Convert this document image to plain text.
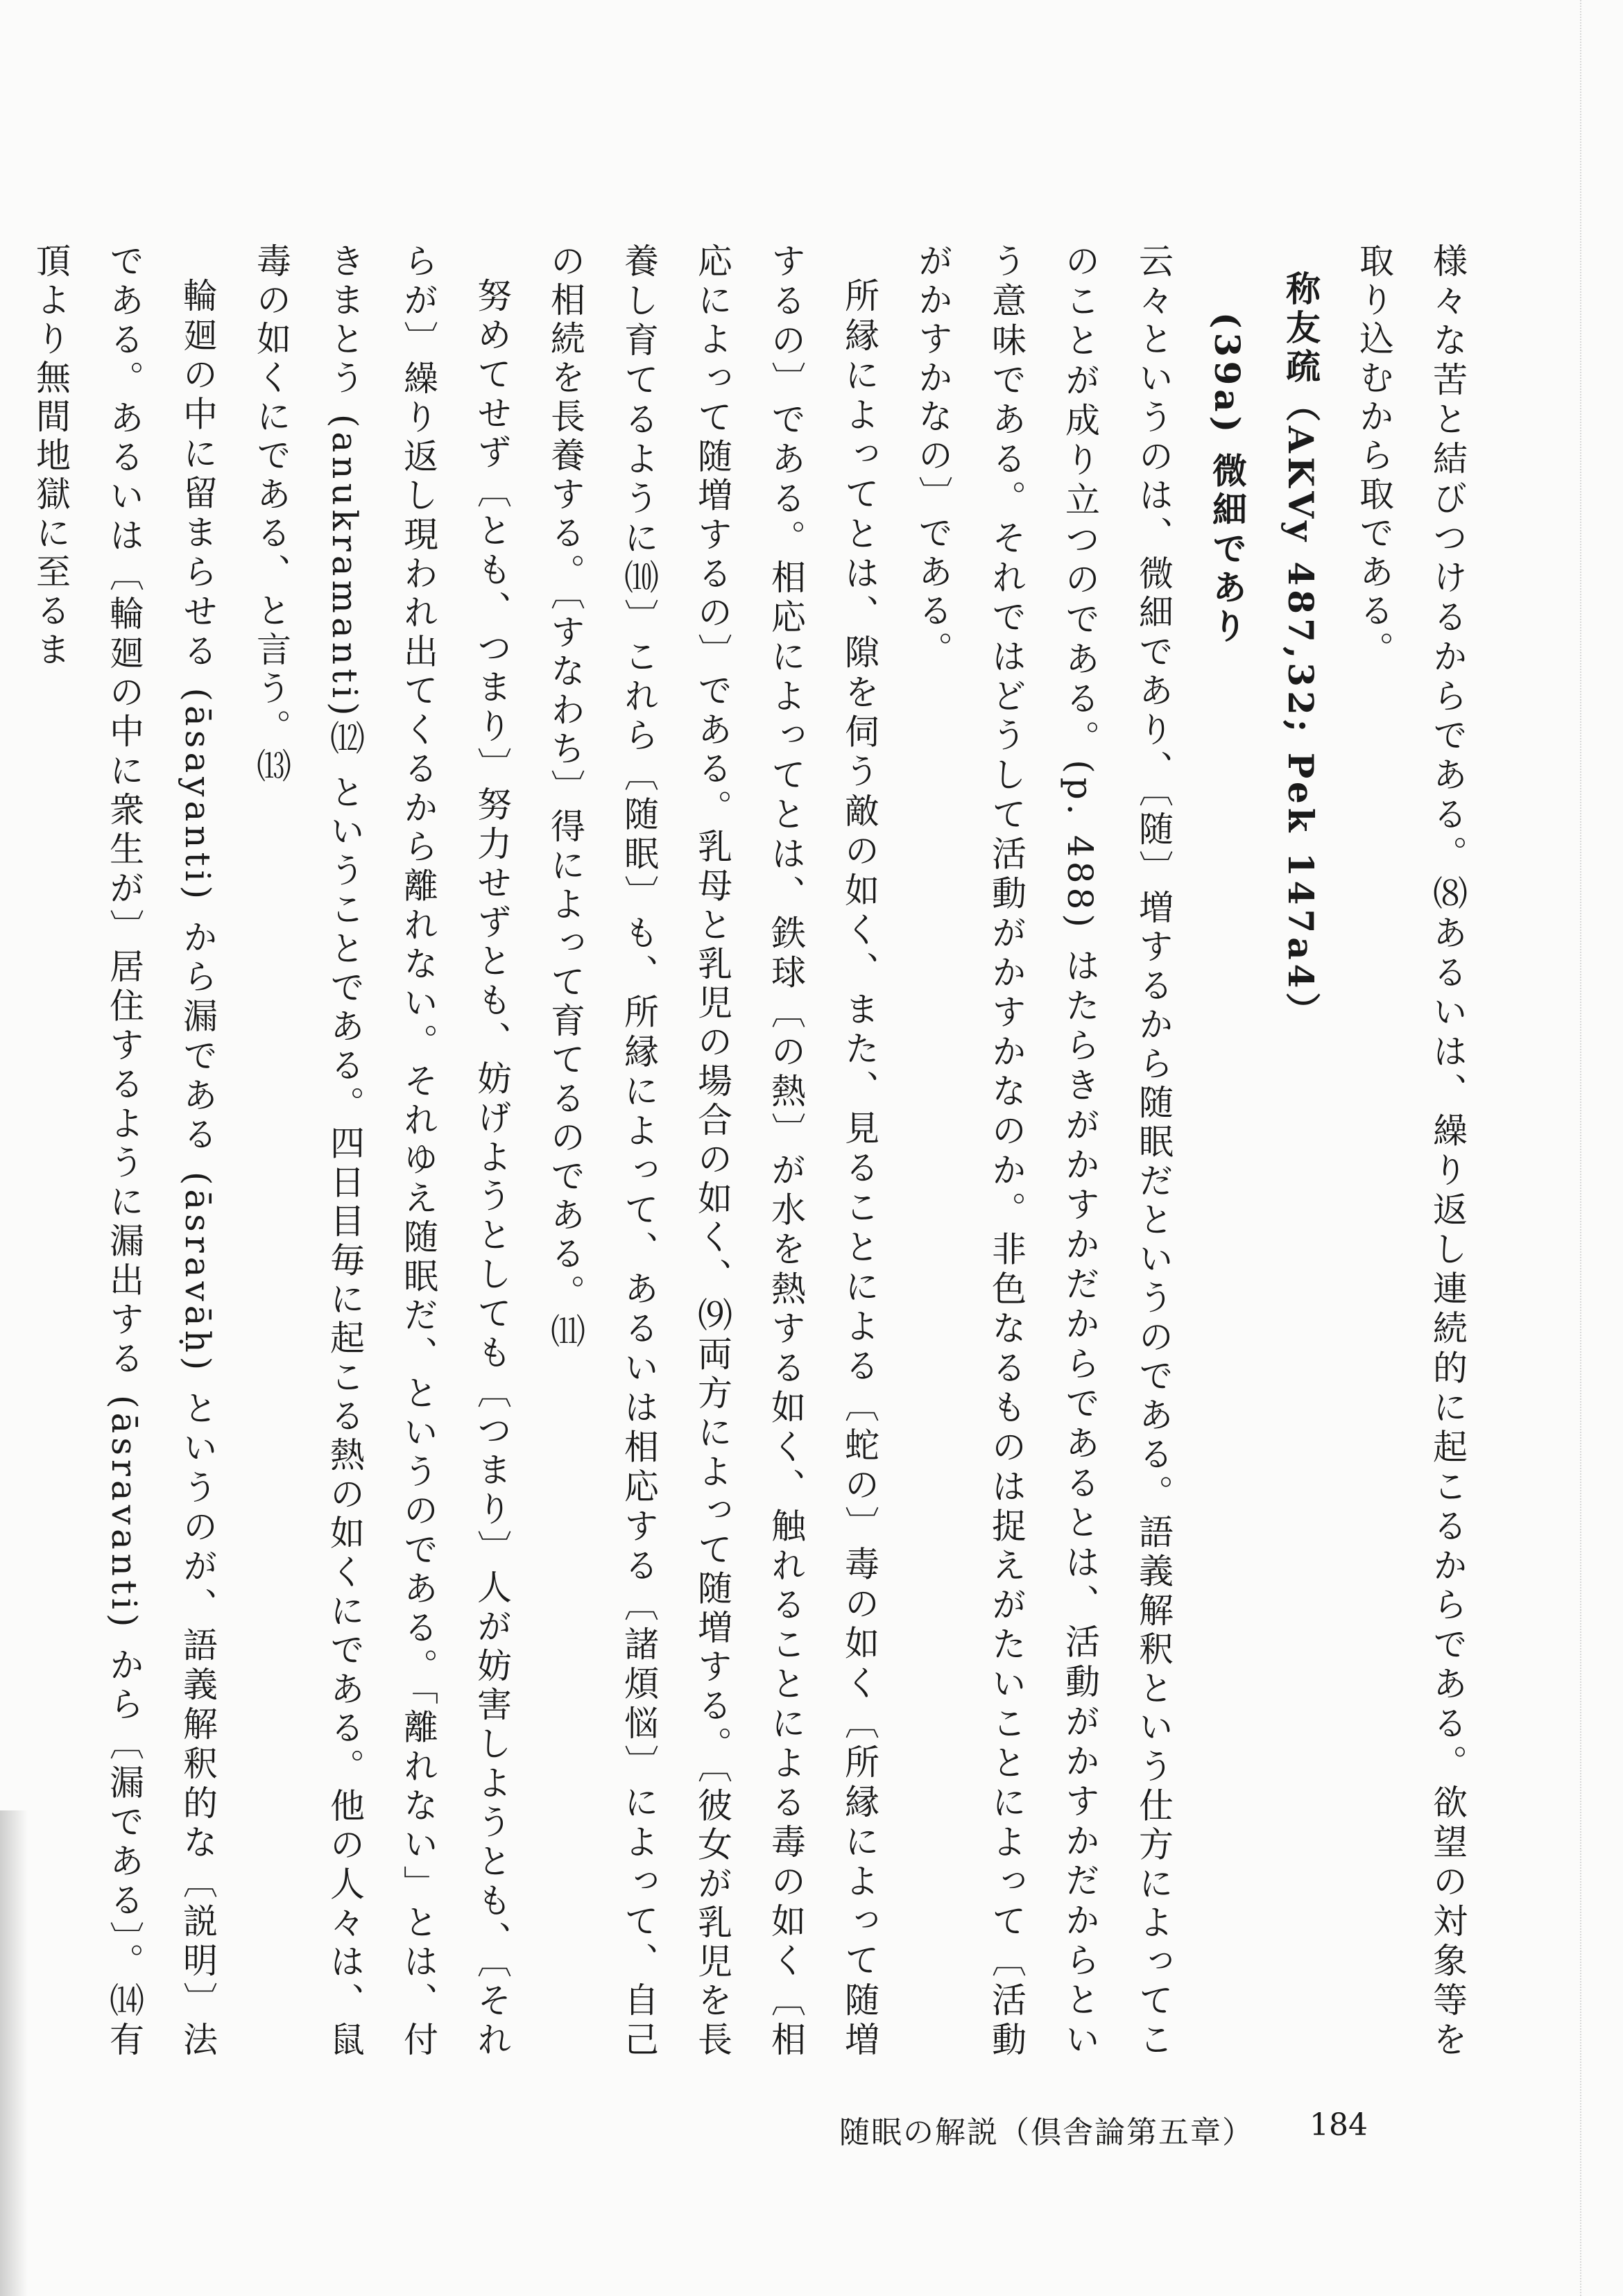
様々な苦と結びつけるからである。⑻あるいは、繰り返し連続的に起こるからである。欲望の対象等を取り込むから取である。

称友疏（AKVy 487,32; Pek 147a4）

(39a) 微細であり

云々というのは、微細であり、〔随〕増するから随眠だというのである。語義解釈という仕方によってこのことが成り立つのである。(p. 488) はたらきがかすかだからであるとは、活動がかすかだからという意味である。それではどうして活動がかすかなのか。非色なるものは捉えがたいことによって〔活動がかすかなの〕である。

所縁によってとは、隙を伺う敵の如く、また、見ることによる〔蛇の〕毒の如く〔所縁によって随増するの〕である。相応によってとは、鉄球〔の熱〕が水を熱する如く、触れることによる毒の如く〔相応によって随増するの〕である。乳母と乳児の場合の如く、⑼両方によって随増する。〔彼女が乳児を長養し育てるように⑽〕これら〔随眠〕も、所縁によって、あるいは相応する〔諸煩悩〕によって、自己の相続を長養する。〔すなわち〕得によって育てるのである。⑾

努めてせず〔とも、つまり〕努力せずとも、妨げようとしても〔つまり〕人が妨害しようとも、〔それらが〕繰り返し現われ出てくるから離れない。それゆえ随眠だ、というのである。「離れない」とは、付きまとう (anukramanti)⑿ ということである。四日目毎に起こる熱の如くにである。他の人々は、鼠毒の如くにである、と言う。⒀

輪廻の中に留まらせる (āsayanti) から漏である (āsravāḥ) というのが、語義解釈的な〔説明〕法である。あるいは〔輪廻の中に衆生が〕居住するように漏出する (āsravanti) から〔漏である〕。⒁有頂より無間地獄に至るま

随眠の解説（倶舎論第五章） 184
